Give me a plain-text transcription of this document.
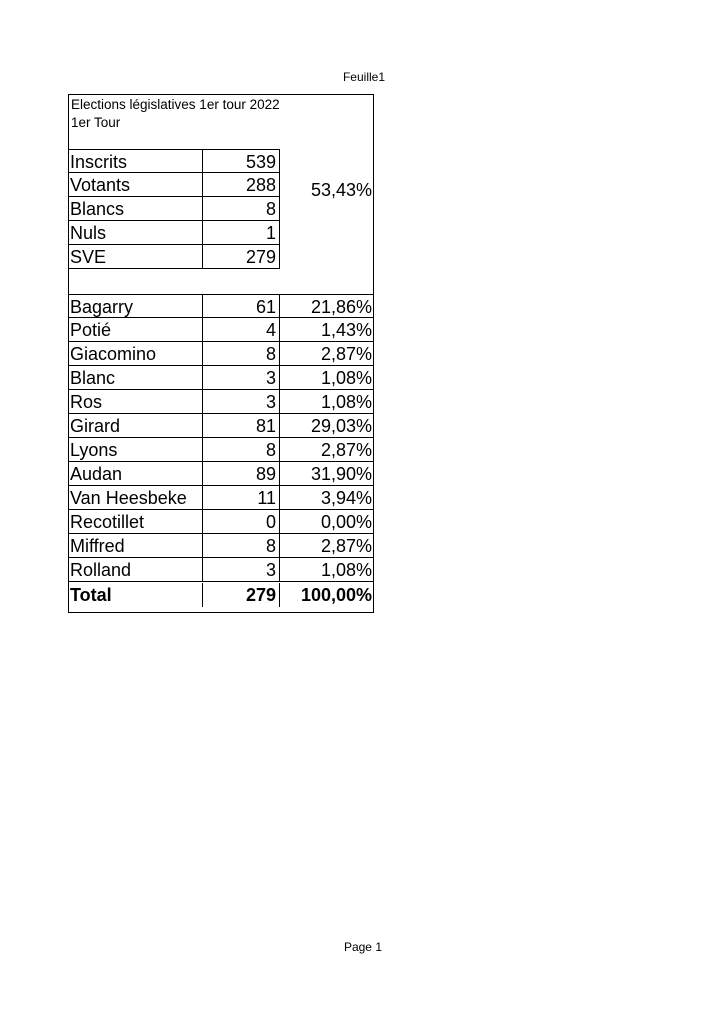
Feuille1
Elections législatives 1er tour 2022
1er Tour
Inscrits	539
Votants	288
Blancs	8
Nuls	1
SVE	279
53,43%
Bagarry	61	21,86%
Potié	4	1,43%
Giacomino	8	2,87%
Blanc	3	1,08%
Ros	3	1,08%
Girard	81	29,03%
Lyons	8	2,87%
Audan	89	31,90%
Van Heesbeke	11	3,94%
Recotillet	0	0,00%
Miffred	8	2,87%
Rolland	3	1,08%
Total	279	100,00%
Page 1
